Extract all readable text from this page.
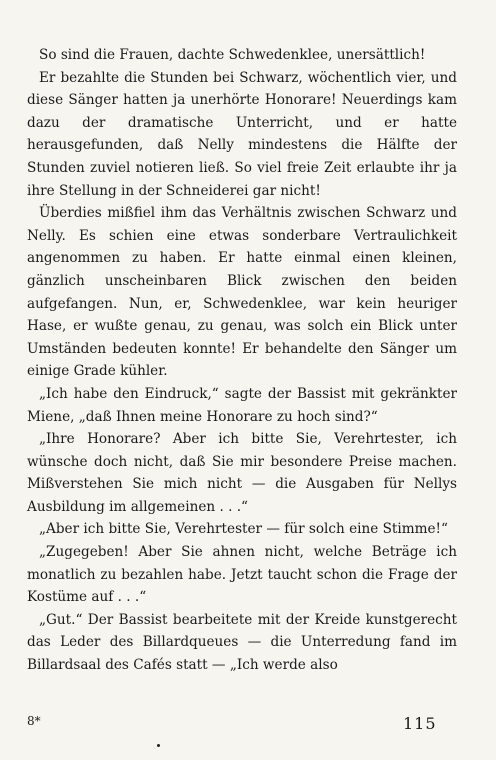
So sind die Frauen, dachte Schwedenklee, unersättlich!

Er bezahlte die Stunden bei Schwarz, wöchentlich vier, und diese Sänger hatten ja unerhörte Honorare! Neuerdings kam dazu der dramatische Unterricht, und er hatte herausgefunden, daß Nelly mindestens die Hälfte der Stunden zuviel notieren ließ. So viel freie Zeit erlaubte ihr ja ihre Stellung in der Schneiderei gar nicht!

Überdies mißfiel ihm das Verhältnis zwischen Schwarz und Nelly. Es schien eine etwas sonderbare Vertraulichkeit angenommen zu haben. Er hatte einmal einen kleinen, gänzlich unscheinbaren Blick zwischen den beiden aufgefangen. Nun, er, Schwedenklee, war kein heuriger Hase, er wußte genau, zu genau, was solch ein Blick unter Umständen bedeuten konnte! Er behandelte den Sänger um einige Grade kühler.

„Ich habe den Eindruck,“ sagte der Bassist mit gekränkter Miene, „daß Ihnen meine Honorare zu hoch sind?“

„Ihre Honorare? Aber ich bitte Sie, Verehrtester, ich wünsche doch nicht, daß Sie mir besondere Preise machen. Mißverstehen Sie mich nicht — die Ausgaben für Nellys Ausbildung im allgemeinen . . .“

„Aber ich bitte Sie, Verehrtester — für solch eine Stimme!“

„Zugegeben! Aber Sie ahnen nicht, welche Beträge ich monatlich zu bezahlen habe. Jetzt taucht schon die Frage der Kostüme auf . . .“

„Gut.“ Der Bassist bearbeitete mit der Kreide kunstgerecht das Leder des Billardqueues — die Unterredung fand im Billardsaal des Cafés statt — „Ich werde also

8*	115
